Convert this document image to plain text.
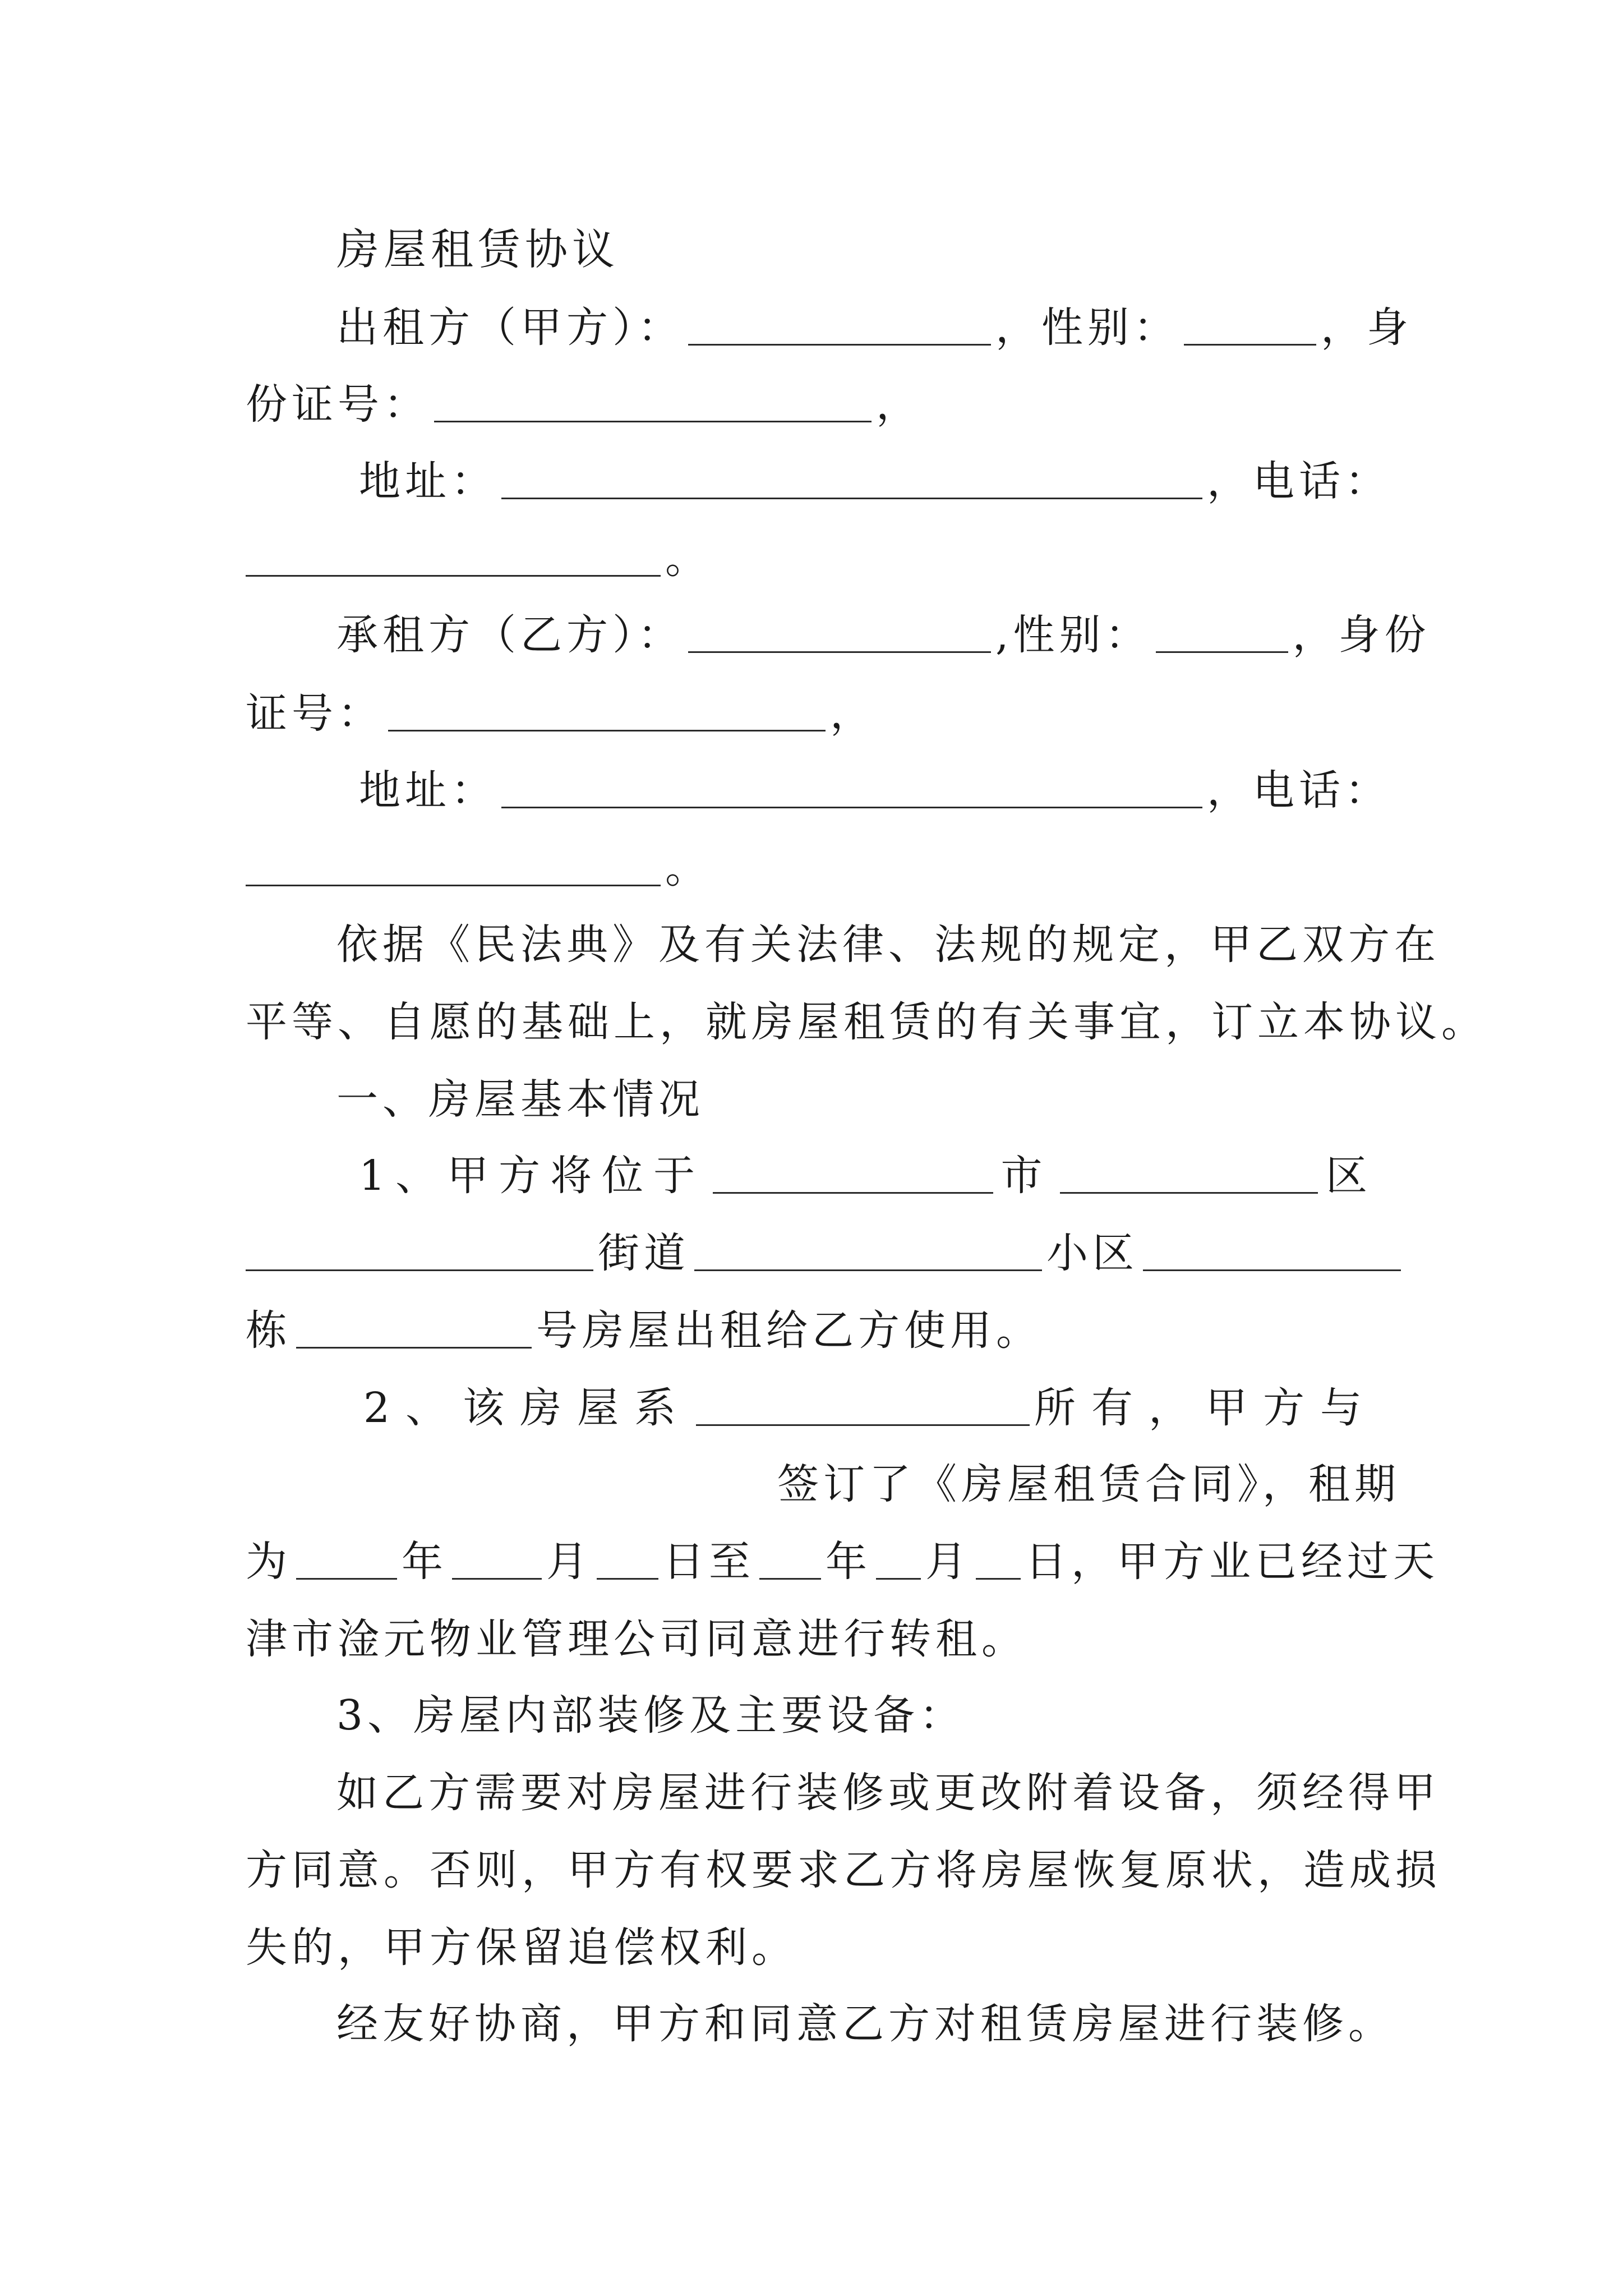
房屋租赁协议
出租方（甲方）：	，性别：	，身
份证号：	，
地址：	，电话：
。
承租方（乙方）：	,性别：	，身份
证号：	，
地址：	，电话：
。
依据《民法典》及有关法律、法规的规定，甲乙双方在
平等、自愿的基础上，就房屋租赁的有关事宜，订立本协议。
一、房屋基本情况
1、甲方将位于	市	区
街道	小区
栋	号房屋出租给乙方使用。
2、该房屋系	所有，甲方与
签订了《房屋租赁合同》，租期
为	年 月 日至 年 月 日，甲方业已经过天
津市淦元物业管理公司同意进行转租。
3、房屋内部装修及主要设备：
如乙方需要对房屋进行装修或更改附着设备，须经得甲
方同意。否则，甲方有权要求乙方将房屋恢复原状，造成损
失的，甲方保留追偿权利。
经友好协商，甲方和同意乙方对租赁房屋进行装修。
